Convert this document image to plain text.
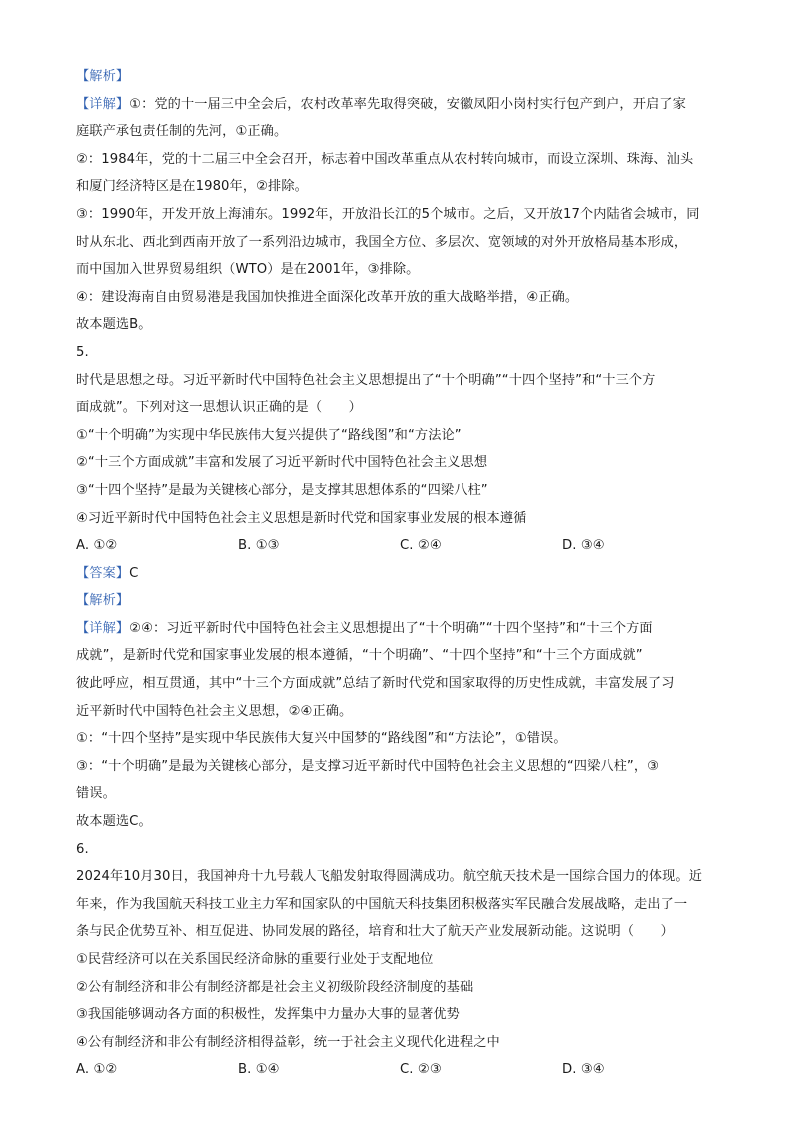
【解析】
【详解】①：党的十一届三中全会后，农村改革率先取得突破，安徽凤阳小岗村实行包产到户，开启了家
庭联产承包责任制的先河，①正确。
②：1984年，党的十二届三中全会召开，标志着中国改革重点从农村转向城市，而设立深圳、珠海、汕头
和厦门经济特区是在1980年，②排除。
③：1990年，开发开放上海浦东。1992年，开放沿长江的5个城市。之后，又开放17个内陆省会城市，同
时从东北、西北到西南开放了一系列沿边城市，我国全方位、多层次、宽领域的对外开放格局基本形成，
而中国加入世界贸易组织（WTO）是在2001年，③排除。
④：建设海南自由贸易港是我国加快推进全面深化改革开放的重大战略举措，④正确。
故本题选B。
5.
时代是思想之母。习近平新时代中国特色社会主义思想提出了“十个明确”“十四个坚持”和“十三个方
面成就”。下列对这一思想认识正确的是（　　）
①“十个明确”为实现中华民族伟大复兴提供了“路线图”和“方法论”
②“十三个方面成就”丰富和发展了习近平新时代中国特色社会主义思想
③“十四个坚持”是最为关键核心部分，是支撑其思想体系的“四梁八柱”
④习近平新时代中国特色社会主义思想是新时代党和国家事业发展的根本遵循
A. ①②	B. ①③	C. ②④	D. ③④
【答案】C
【解析】
【详解】②④：习近平新时代中国特色社会主义思想提出了“十个明确”“十四个坚持”和“十三个方面
成就”，是新时代党和国家事业发展的根本遵循，“十个明确”、“十四个坚持”和“十三个方面成就”
彼此呼应，相互贯通，其中“十三个方面成就”总结了新时代党和国家取得的历史性成就，丰富发展了习
近平新时代中国特色社会主义思想，②④正确。
①：“十四个坚持”是实现中华民族伟大复兴中国梦的“路线图”和“方法论”，①错误。
③：“十个明确”是最为关键核心部分，是支撑习近平新时代中国特色社会主义思想的“四梁八柱”，③
错误。
故本题选C。
6.
2024年10月30日，我国神舟十九号载人飞船发射取得圆满成功。航空航天技术是一国综合国力的体现。近
年来，作为我国航天科技工业主力军和国家队的中国航天科技集团积极落实军民融合发展战略，走出了一
条与民企优势互补、相互促进、协同发展的路径，培育和壮大了航天产业发展新动能。这说明（　　）
①民营经济可以在关系国民经济命脉的重要行业处于支配地位
②公有制经济和非公有制经济都是社会主义初级阶段经济制度的基础
③我国能够调动各方面的积极性，发挥集中力量办大事的显著优势
④公有制经济和非公有制经济相得益彰，统一于社会主义现代化进程之中
A. ①②	B. ①④	C. ②③	D. ③④
